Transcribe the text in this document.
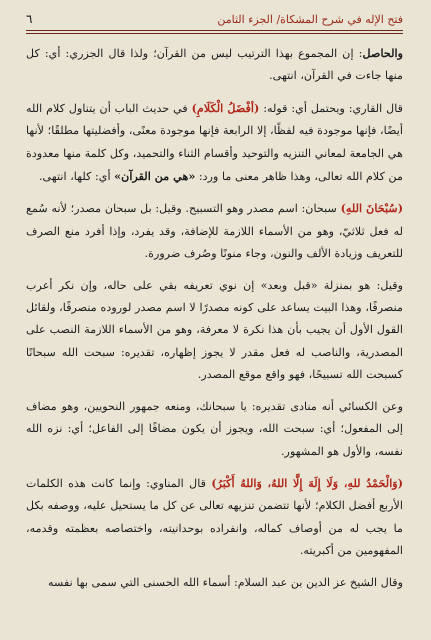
فتح الإله في شرح المشكاة/ الجزء الثامن
٦

والحاصل: إن المجموع بهذا الترتيب ليس من القرآن؛ ولذا قال الجزري: أي: كل منها جاءت في القرآن، انتهى.

قال القاري: ويحتمل أي: قوله: (أفْضَلُ الْكَلَامِ) في حديث الباب أن يتناول كلام الله أيضًا، فإنها موجودة فيه لفظًا، إلا الرابعة فإنها موجودة معنًى، وأفضليتها مطلقًا؛ لأنها هي الجامعة لمعاني التنزيه والتوحيد وأقسام الثناء والتحميد، وكل كلمة منها معدودة من كلام الله تعالى، وهذا ظاهر معنى ما ورد: «هي من القرآن» أي: كلها، انتهى.

(سُبْحَانَ اللهِ) سبحان: اسم مصدر وهو التسبيح. وقيل: بل سبحان مصدر؛ لأنه سُمع له فعل ثلاثيّ، وهو من الأسماء اللازمة للإضافة، وقد يفرد، وإذا أفرد منع الصرف للتعريف وزيادة الألف والنون، وجاء منونًا وصُرف ضرورة.

وقيل: هو بمنزلة «قبل وبعد» إن نوي تعريفه بقي على حاله، وإن نكر أعرب منصرفًا، وهذا البيت يساعد على كونه مصدرًا لا اسم مصدر لوروده منصرفًا، ولقائل القول الأول أن يجيب بأن هذا نكرة لا معرفة، وهو من الأسماء اللازمة النصب على المصدرية، والناصب له فعل مقدر لا يجوز إظهاره، تقديره: سبحت الله سبحانًا كسبحت الله تسبيحًا، فهو واقع موقع المصدر.

وعن الكسائي أنه منادى تقديره: يا سبحانك، ومنعه جمهور النحويين، وهو مضاف إلى المفعول؛ أي: سبحت الله، ويجوز أن يكون مضافًا إلى الفاعل؛ أي: نزه الله نفسه، والأول هو المشهور.

(وَالْحَمْدُ للهِ، وَلَا إِلَهَ إِلَّا اللهُ، وَاللهُ أَكْبَرُ) قال المناوي: وإنما كانت هذه الكلمات الأربع أفضل الكلام؛ لأنها تتضمن تنزيهه تعالى عن كل ما يستحيل عليه، ووصفه بكل ما يجب له من أوصاف كماله، وانفراده بوحدانيته، واختصاصه بعظمته وقدمه، المفهومين من أكبريته.

وقال الشيخ عز الدين بن عبد السلام: أسماء الله الحسنى التي سمى بها نفسه
